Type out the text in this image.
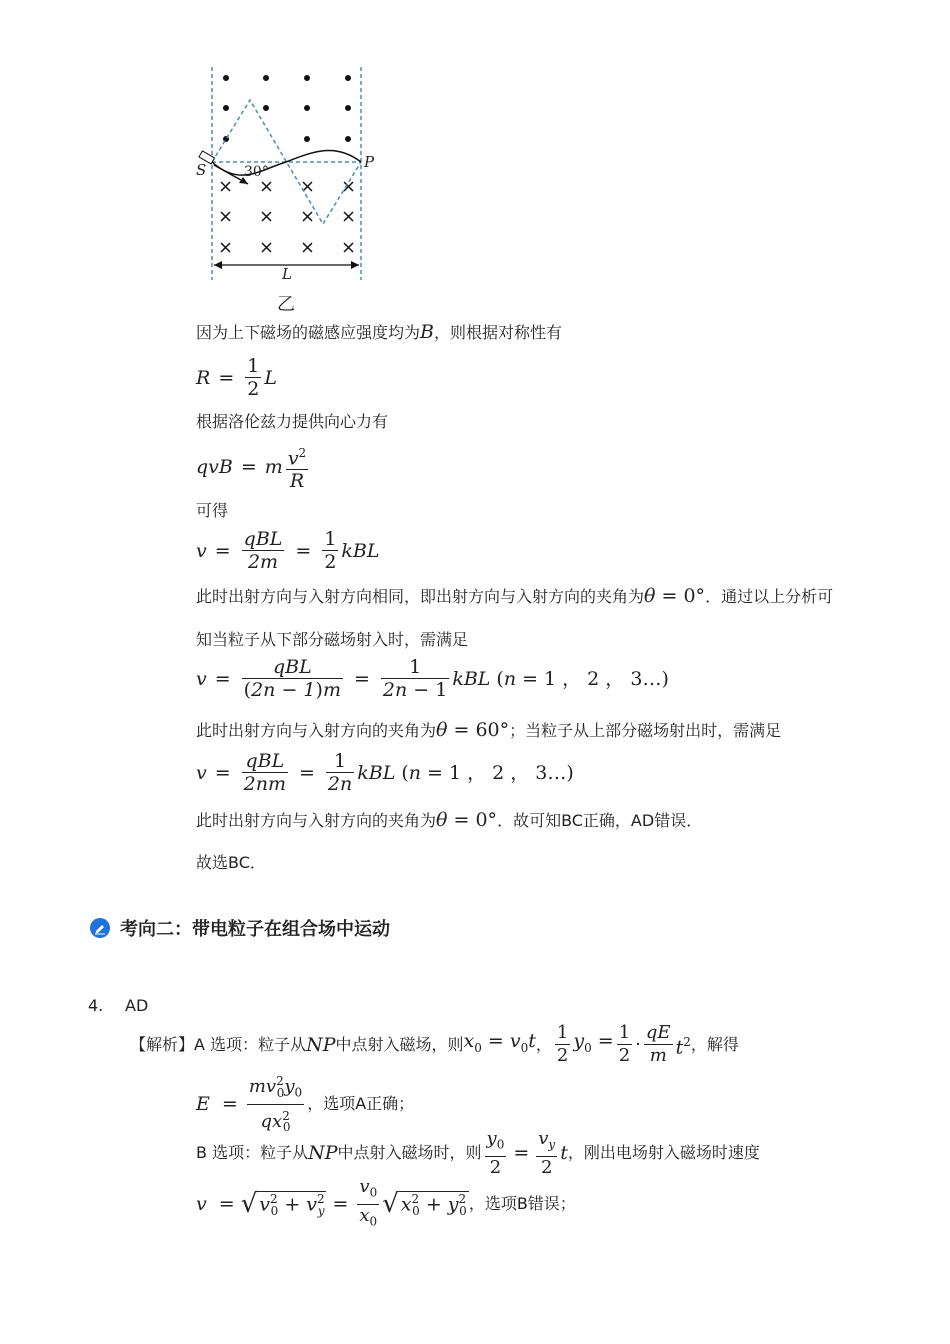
S	P
30°
L
乙
因为上下磁场的磁感应强度均为B，则根据对称性有
$R = \frac{1}{2}$ L
根据洛伦兹力提供向心力有
qvB = m $\frac{v^2}{R}$
可得
$v = \frac{\text{qBL}}{2m} = \frac{1}{2}$ kBL
此时出射方向与入射方向相同，即出射方向与入射方向的夹角为θ = 0°．通过以上分析可
知当粒子从下部分磁场射入时，需满足
$v = \frac{\text{qBL}}{(2n - 1)m} = \frac{1}{2n - 1}$ kBL ( n = 1 ， 2 ， 3…)
此时出射方向与入射方向的夹角为θ = 60°；当粒子从上部分磁场射出时，需满足
$v = \frac{\text{qBL}}{2nm} = \frac{1}{2n}$ kBL ( n = 1 ， 2 ， 3…)
此时出射方向与入射方向的夹角为θ = 0°．故可知BC正确，AD错误．
故选BC．
考向二：带电粒子在组合场中运动
4. AD
【解析】 A 选项：粒子从 NP 中点射入磁场，则 $x_0 = v_0t$ ， $\frac{1}{2} y_0 = \frac{1}{2} \cdot \frac{qE}{m} t^2$ ，解得
$E = \frac{mv^2_0y_0}{qx^2_0}$ ，选项A正确；
B 选项：粒子从 NP 中点射入磁场时，则 $\frac{y_0}{2} = \frac{v_y}{2}$ t ，刚出电场射入磁场时速度
v = √ $v^2_0 + v^2_y = \frac{v_0}{x_0}$ √ $x^2_0 + y^2_0$ ，选项B错误；
